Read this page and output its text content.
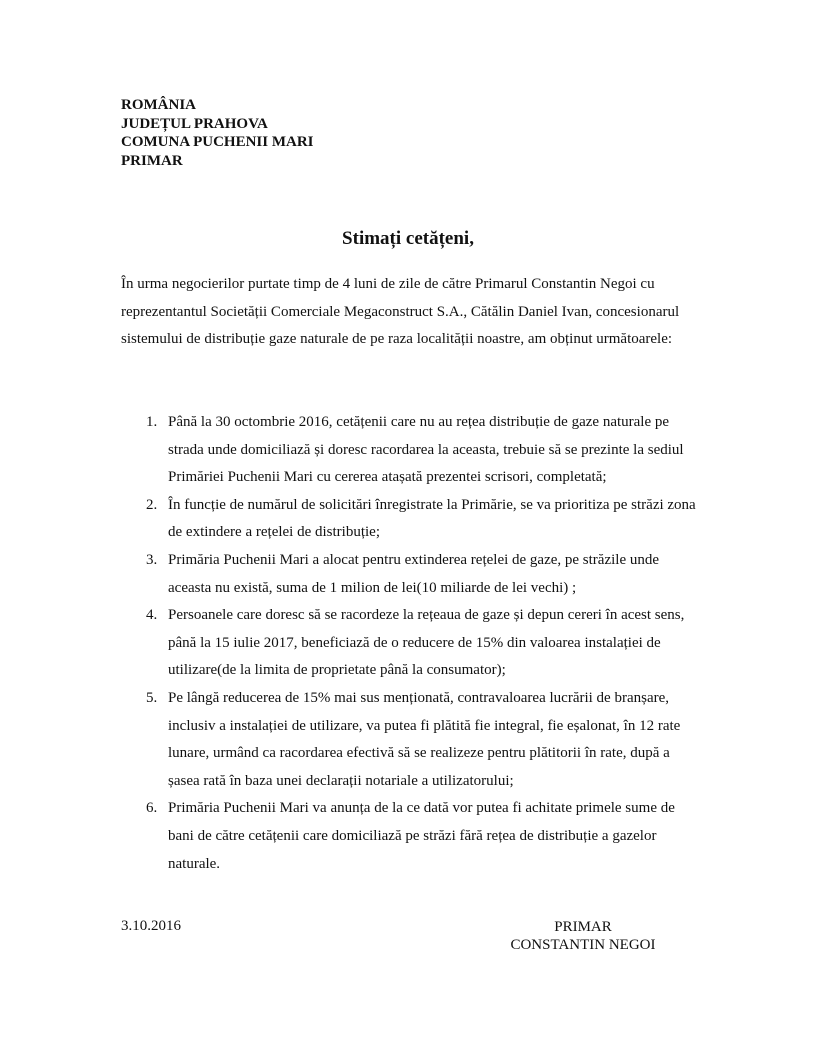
ROMÂNIA
JUDEȚUL PRAHOVA
COMUNA PUCHENII MARI
PRIMAR
Stimați cetățeni,
În urma negocierilor purtate timp de 4 luni de zile de către Primarul Constantin Negoi cu reprezentantul Societății Comerciale Megaconstruct S.A., Cătălin Daniel Ivan, concesionarul sistemului de distribuție gaze naturale de pe raza localității noastre, am obținut următoarele:
1. Până la 30 octombrie 2016, cetățenii care nu au rețea distribuție de gaze naturale pe strada unde domiciliază și doresc racordarea la aceasta, trebuie să se prezinte la sediul Primăriei Puchenii Mari cu cererea atașată prezentei scrisori, completată;
2. În funcție de numărul de solicitări înregistrate la Primărie, se va prioritiza pe străzi zona de extindere a rețelei de distribuție;
3. Primăria Puchenii Mari a alocat pentru extinderea rețelei de gaze, pe străzile unde aceasta nu există, suma de 1 milion de lei(10 miliarde de lei vechi) ;
4. Persoanele care doresc să se racordeze la rețeaua de gaze și depun cereri în acest sens, până la 15 iulie 2017, beneficiază de o reducere de 15% din valoarea instalației de utilizare(de la limita de proprietate până la consumator);
5. Pe lângă reducerea de 15% mai sus menționată, contravaloarea lucrării de branșare, inclusiv a instalației de utilizare, va putea fi plătită fie integral, fie eșalonat, în 12 rate lunare, urmând ca racordarea efectivă să se realizeze pentru plătitorii în rate, după a șasea rată în baza unei declarații notariale a utilizatorului;
6. Primăria Puchenii Mari va anunța de la ce dată vor putea fi achitate primele sume de bani de către cetățenii care domiciliază pe străzi fără rețea de distribuție a gazelor naturale.
3.10.2016	PRIMAR
CONSTANTIN NEGOI
